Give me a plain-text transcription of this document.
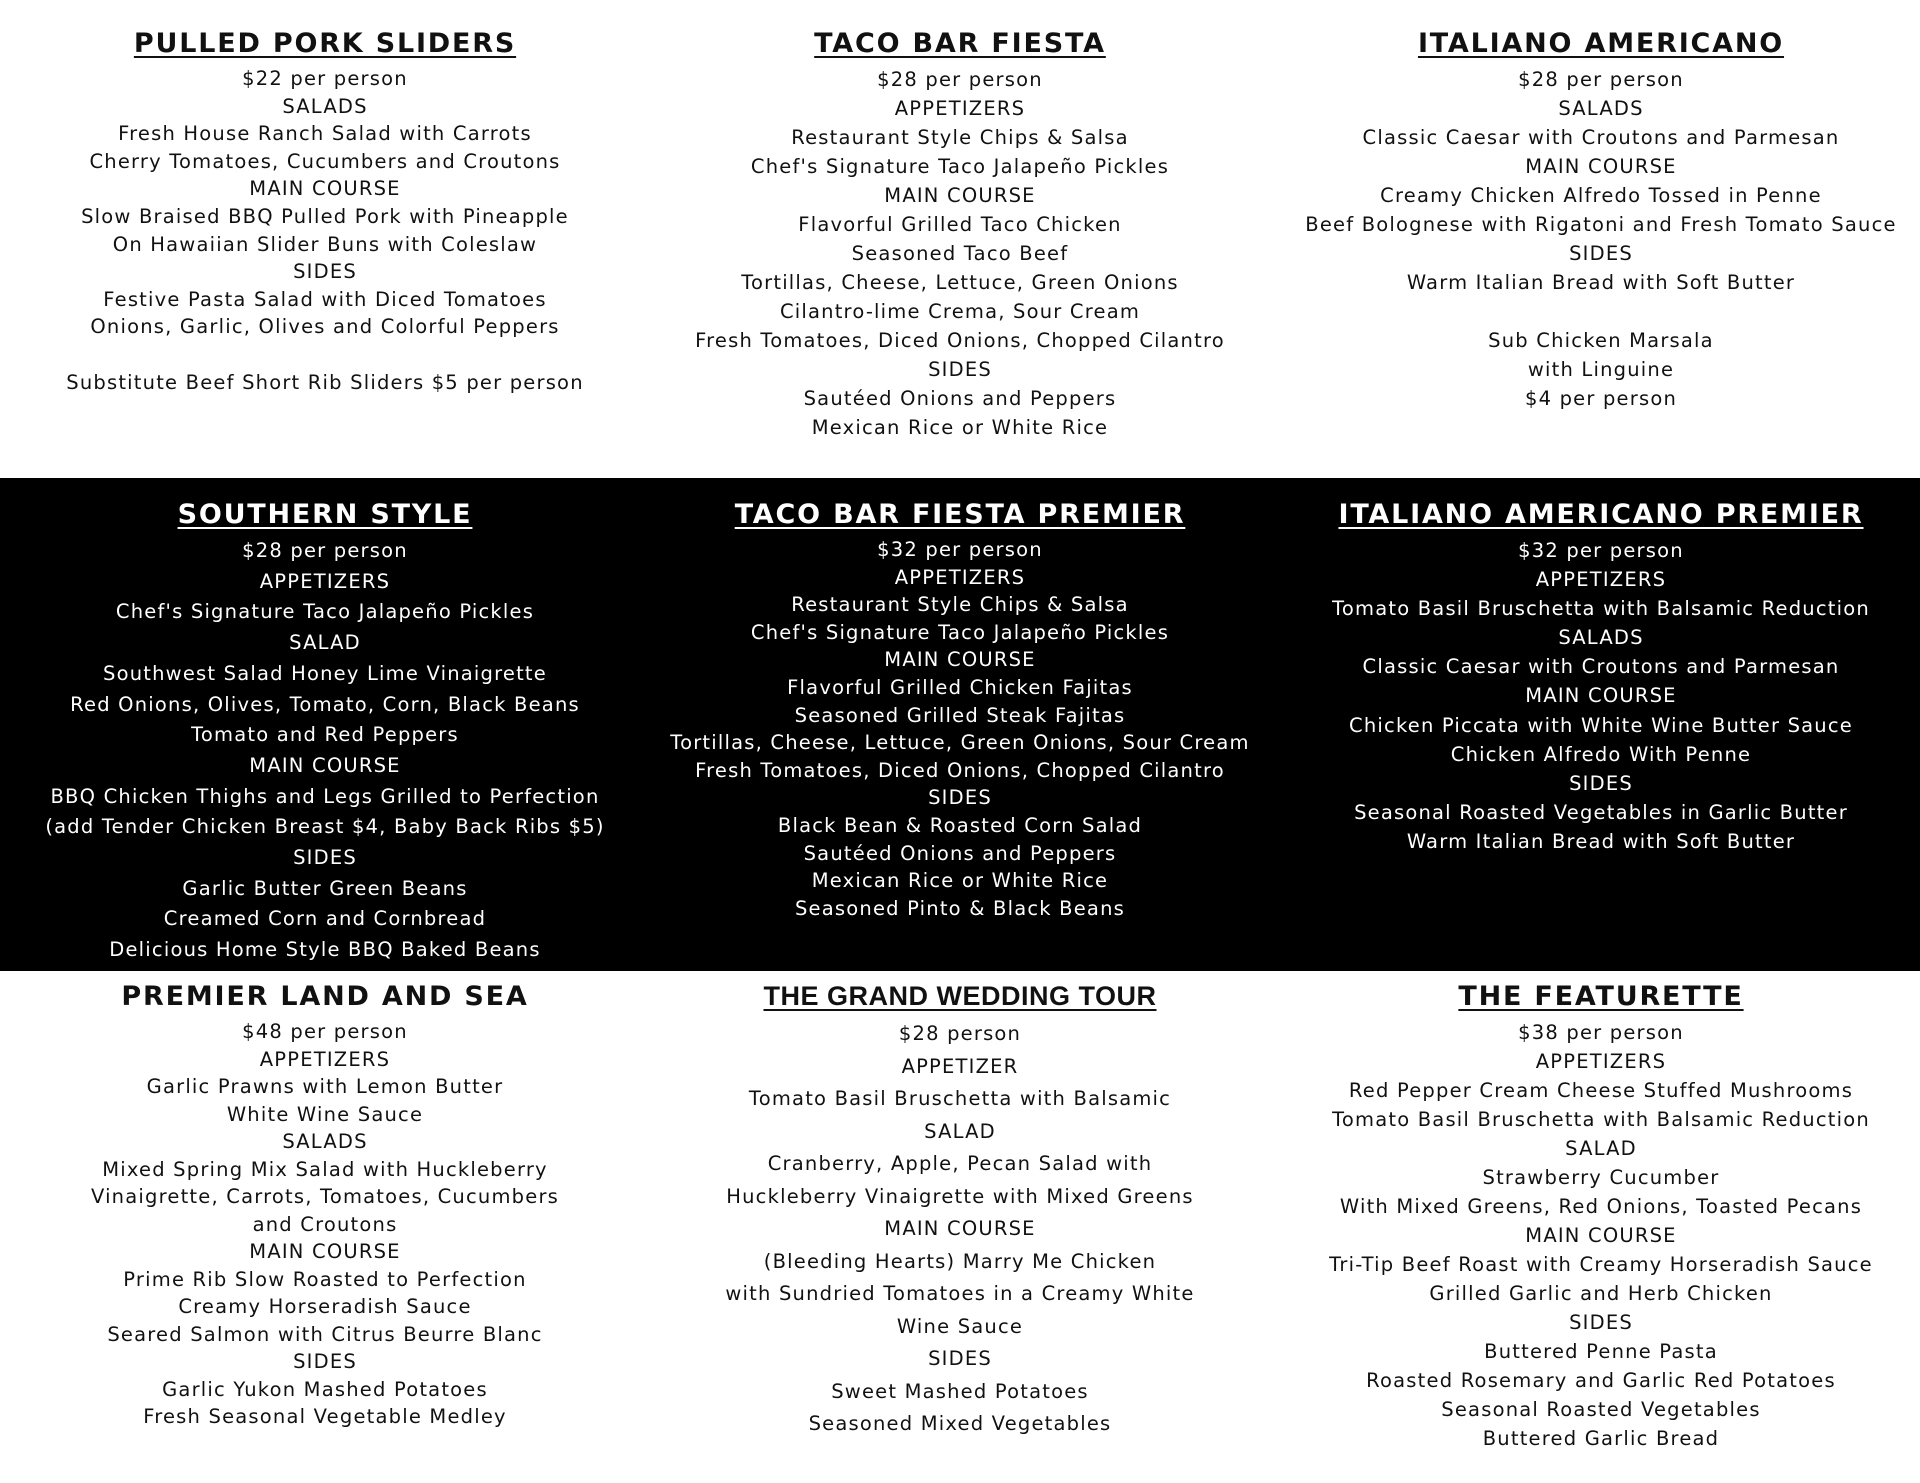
PULLED PORK SLIDERS
$22 per person
SALADS
Fresh House Ranch Salad with Carrots
Cherry Tomatoes, Cucumbers and Croutons
MAIN COURSE
Slow Braised BBQ Pulled Pork with Pineapple
On Hawaiian Slider Buns with Coleslaw
SIDES
Festive Pasta Salad with Diced Tomatoes
Onions, Garlic, Olives and Colorful Peppers

Substitute Beef Short Rib Sliders $5 per person
TACO BAR FIESTA
$28 per person
APPETIZERS
Restaurant Style Chips & Salsa
Chef's Signature Taco Jalapeño Pickles
MAIN COURSE
Flavorful Grilled Taco Chicken
Seasoned Taco Beef
Tortillas, Cheese, Lettuce, Green Onions
Cilantro-lime Crema, Sour Cream
Fresh Tomatoes, Diced Onions, Chopped Cilantro
SIDES
Sautéed Onions and Peppers
Mexican Rice or White Rice
ITALIANO AMERICANO
$28 per person
SALADS
Classic Caesar with Croutons and Parmesan
MAIN COURSE
Creamy Chicken Alfredo Tossed in Penne
Beef Bolognese with Rigatoni and Fresh Tomato Sauce
SIDES
Warm Italian Bread with Soft Butter

Sub Chicken Marsala
with Linguine
$4 per person
SOUTHERN STYLE
$28 per person
APPETIZERS
Chef's Signature Taco Jalapeño Pickles
SALAD
Southwest Salad Honey Lime Vinaigrette
Red Onions, Olives, Tomato, Corn, Black Beans
Tomato and Red Peppers
MAIN COURSE
BBQ Chicken Thighs and Legs Grilled to Perfection
(add Tender Chicken Breast $4, Baby Back Ribs $5)
SIDES
Garlic Butter Green Beans
Creamed Corn and Cornbread
Delicious Home Style BBQ Baked Beans
TACO BAR FIESTA PREMIER
$32 per person
APPETIZERS
Restaurant Style Chips & Salsa
Chef's Signature Taco Jalapeño Pickles
MAIN COURSE
Flavorful Grilled Chicken Fajitas
Seasoned Grilled Steak Fajitas
Tortillas, Cheese, Lettuce, Green Onions, Sour Cream
Fresh Tomatoes, Diced Onions, Chopped Cilantro
SIDES
Black Bean & Roasted Corn Salad
Sautéed Onions and Peppers
Mexican Rice or White Rice
Seasoned Pinto & Black Beans
ITALIANO AMERICANO PREMIER
$32 per person
APPETIZERS
Tomato Basil Bruschetta with Balsamic Reduction
SALADS
Classic Caesar with Croutons and Parmesan
MAIN COURSE
Chicken Piccata with White Wine Butter Sauce
Chicken Alfredo With Penne
SIDES
Seasonal Roasted Vegetables in Garlic Butter
Warm Italian Bread with Soft Butter
PREMIER LAND AND SEA
$48 per person
APPETIZERS
Garlic Prawns with Lemon Butter
White Wine Sauce
SALADS
Mixed Spring Mix Salad with Huckleberry
Vinaigrette, Carrots, Tomatoes, Cucumbers
and Croutons
MAIN COURSE
Prime Rib Slow Roasted to Perfection
Creamy Horseradish Sauce
Seared Salmon with Citrus Beurre Blanc
SIDES
Garlic Yukon Mashed Potatoes
Fresh Seasonal Vegetable Medley
THE GRAND WEDDING TOUR
$28 person
APPETIZER
Tomato Basil Bruschetta with Balsamic
SALAD
Cranberry, Apple, Pecan Salad with
Huckleberry Vinaigrette with Mixed Greens
MAIN COURSE
(Bleeding Hearts) Marry Me Chicken
with Sundried Tomatoes in a Creamy White
Wine Sauce
SIDES
Sweet Mashed Potatoes
Seasoned Mixed Vegetables
THE FEATURETTE
$38 per person
APPETIZERS
Red Pepper Cream Cheese Stuffed Mushrooms
Tomato Basil Bruschetta with Balsamic Reduction
SALAD
Strawberry Cucumber
With Mixed Greens, Red Onions, Toasted Pecans
MAIN COURSE
Tri-Tip Beef Roast with Creamy Horseradish Sauce
Grilled Garlic and Herb Chicken
SIDES
Buttered Penne Pasta
Roasted Rosemary and Garlic Red Potatoes
Seasonal Roasted Vegetables
Buttered Garlic Bread
